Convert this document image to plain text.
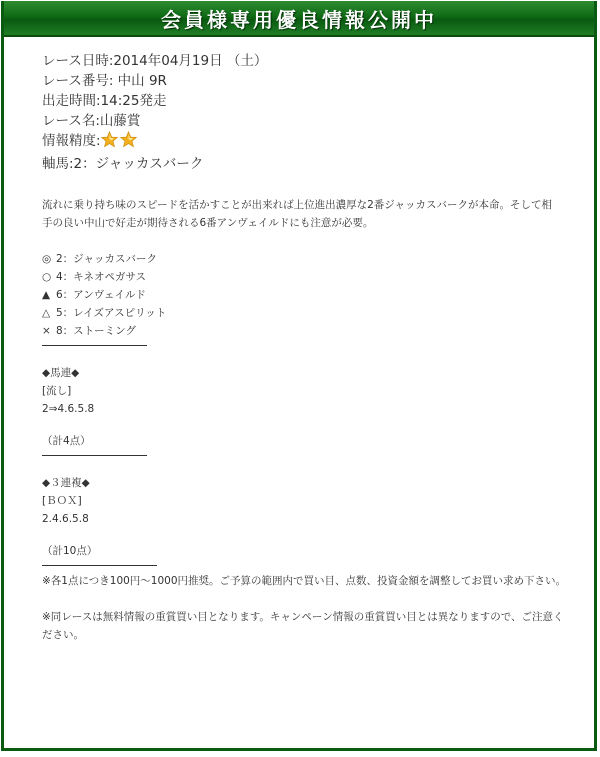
会員様専用優良情報公開中
レース日時:2014年04月19日 （土）
レース番号: 中山 9R
出走時間:14:25発走
レース名:山藤賞
情報精度:
軸馬:2：ジャッカスバーク
流れに乗り持ち味のスピードを活かすことが出来れば上位進出濃厚な2番ジャッカスバークが本命。そして相手の良い中山で好走が期待される6番アンヴェイルドにも注意が必要。
◎ 2：ジャッカスバーク
○ 4：キネオペガサス
▲ 6：アンヴェイルド
△ 5：レイズアスピリット
× 8：ストーミング
◆馬連◆
[流し]
2⇒4.6.5.8
（計4点）
◆３連複◆
[ＢＯＸ]
2.4.6.5.8
（計10点）
※各1点につき100円～1000円推奨。ご予算の範囲内で買い目、点数、投資金額を調整してお買い求め下さい。
※同レースは無料情報の重賞買い目となります。キャンペーン情報の重賞買い目とは異なりますので、ご注意ください。
